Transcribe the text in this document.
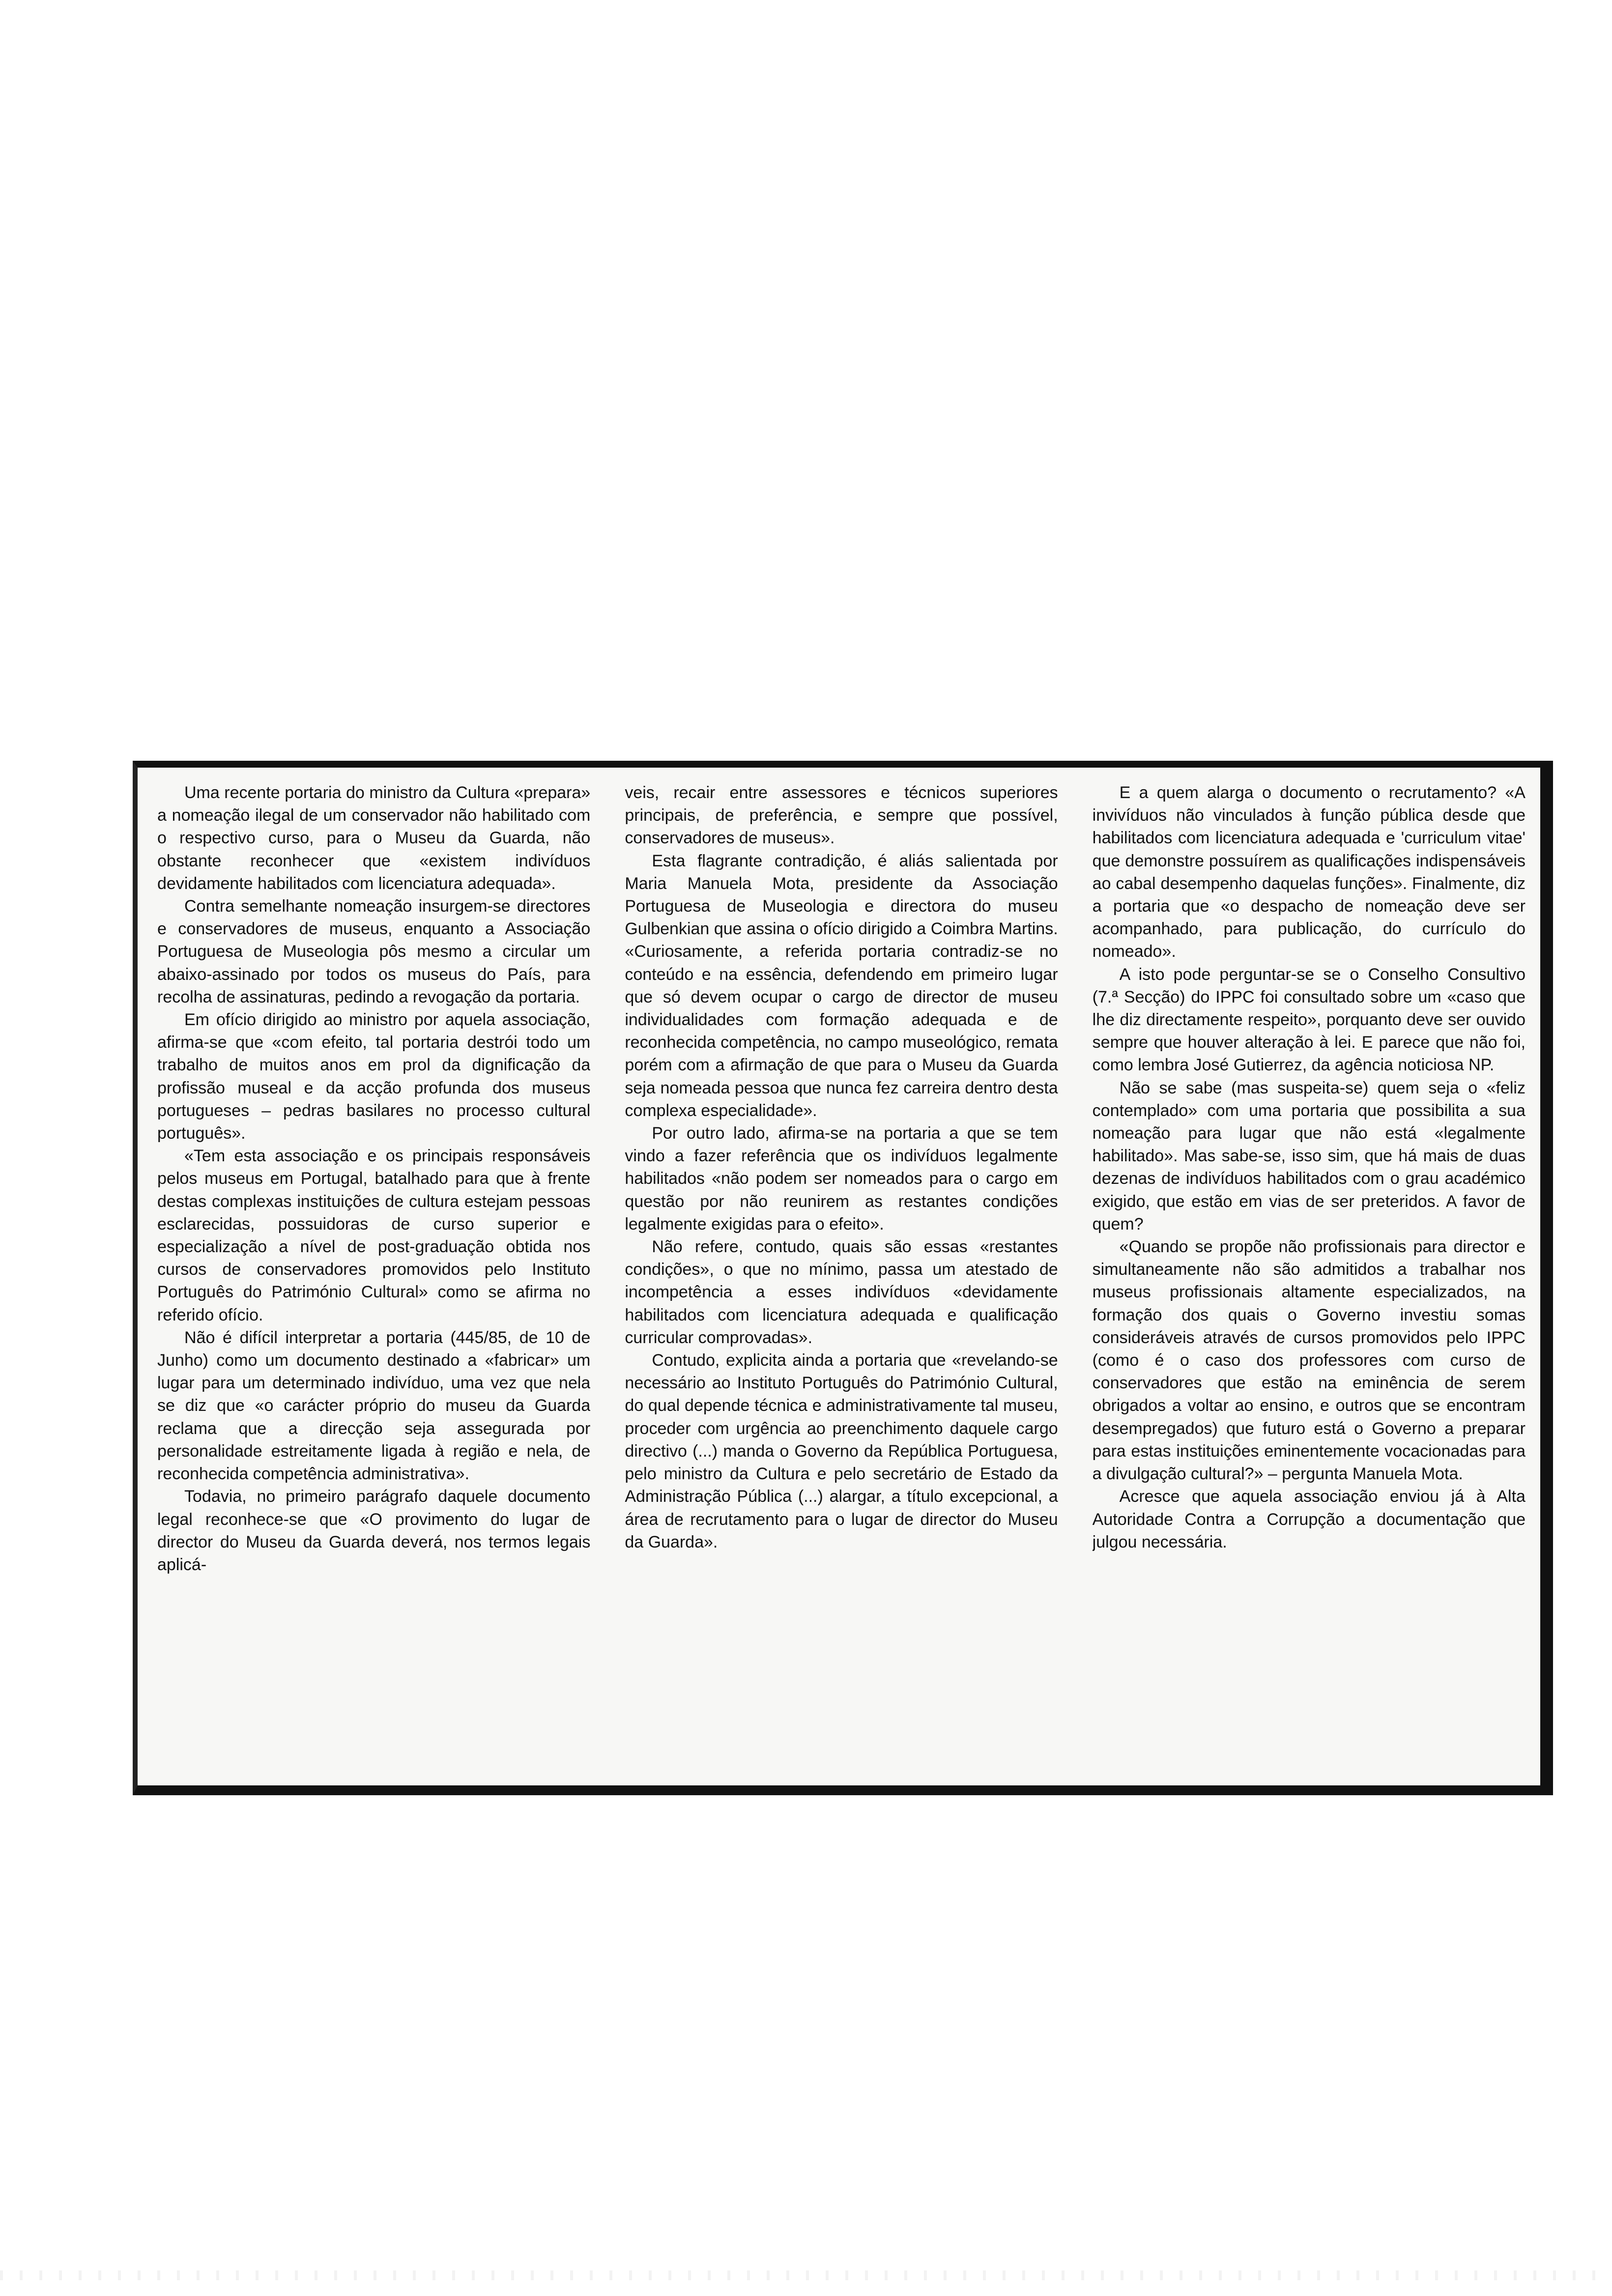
Uma recente portaria do ministro da Cultura «prepara» a nomeação ilegal de um conservador não habilitado com o respectivo curso, para o Museu da Guarda, não obstante reconhecer que «existem indivíduos devidamente habilitados com licenciatura adequada».

Contra semelhante nomeação insurgem-se directores e conservadores de museus, enquanto a Associação Portuguesa de Museologia pôs mesmo a circular um abaixo-assinado por todos os museus do País, para recolha de assinaturas, pedindo a revogação da portaria.

Em ofício dirigido ao ministro por aquela associação, afirma-se que «com efeito, tal portaria destrói todo um trabalho de muitos anos em prol da dignificação da profissão museal e da acção profunda dos museus portugueses – pedras basilares no processo cultural português».

«Tem esta associação e os principais responsáveis pelos museus em Portugal, batalhado para que à frente destas complexas instituições de cultura estejam pessoas esclarecidas, possuidoras de curso superior e especialização a nível de post-graduação obtida nos cursos de conservadores promovidos pelo Instituto Português do Património Cultural» como se afirma no referido ofício.

Não é difícil interpretar a portaria (445/85, de 10 de Junho) como um documento destinado a «fabricar» um lugar para um determinado indivíduo, uma vez que nela se diz que «o carácter próprio do museu da Guarda reclama que a direcção seja assegurada por personalidade estreitamente ligada à região e nela, de reconhecida competência administrativa».

Todavia, no primeiro parágrafo daquele documento legal reconhece-se que «O provimento do lugar de director do Museu da Guarda deverá, nos termos legais aplicá-

veis, recair entre assessores e técnicos superiores principais, de preferência, e sempre que possível, conservadores de museus».

Esta flagrante contradição, é aliás salientada por Maria Manuela Mota, presidente da Associação Portuguesa de Museologia e directora do museu Gulbenkian que assina o ofício dirigido a Coimbra Martins. «Curiosamente, a referida portaria contradiz-se no conteúdo e na essência, defendendo em primeiro lugar que só devem ocupar o cargo de director de museu individualidades com formação adequada e de reconhecida competência, no campo museológico, remata porém com a afirmação de que para o Museu da Guarda seja nomeada pessoa que nunca fez carreira dentro desta complexa especialidade».

Por outro lado, afirma-se na portaria a que se tem vindo a fazer referência que os indivíduos legalmente habilitados «não podem ser nomeados para o cargo em questão por não reunirem as restantes condições legalmente exigidas para o efeito».

Não refere, contudo, quais são essas «restantes condições», o que no mínimo, passa um atestado de incompetência a esses indivíduos «devidamente habilitados com licenciatura adequada e qualificação curricular comprovadas».

Contudo, explicita ainda a portaria que «revelando-se necessário ao Instituto Português do Património Cultural, do qual depende técnica e administrativamente tal museu, proceder com urgência ao preenchimento daquele cargo directivo (...) manda o Governo da República Portuguesa, pelo ministro da Cultura e pelo secretário de Estado da Administração Pública (...) alargar, a título excepcional, a área de recrutamento para o lugar de director do Museu da Guarda».

E a quem alarga o documento o recrutamento? «A invivíduos não vinculados à função pública desde que habilitados com licenciatura adequada e 'curriculum vitae' que demonstre possuírem as qualificações indispensáveis ao cabal desempenho daquelas funções». Finalmente, diz a portaria que «o despacho de nomeação deve ser acompanhado, para publicação, do currículo do nomeado».

A isto pode perguntar-se se o Conselho Consultivo (7.ª Secção) do IPPC foi consultado sobre um «caso que lhe diz directamente respeito», porquanto deve ser ouvido sempre que houver alteração à lei. E parece que não foi, como lembra José Gutierrez, da agência noticiosa NP.

Não se sabe (mas suspeita-se) quem seja o «feliz contemplado» com uma portaria que possibilita a sua nomeação para lugar que não está «legalmente habilitado». Mas sabe-se, isso sim, que há mais de duas dezenas de indivíduos habilitados com o grau académico exigido, que estão em vias de ser preteridos. A favor de quem?

«Quando se propõe não profissionais para director e simultaneamente não são admitidos a trabalhar nos museus profissionais altamente especializados, na formação dos quais o Governo investiu somas consideráveis através de cursos promovidos pelo IPPC (como é o caso dos professores com curso de conservadores que estão na eminência de serem obrigados a voltar ao ensino, e outros que se encontram desempregados) que futuro está o Governo a preparar para estas instituições eminentemente vocacionadas para a divulgação cultural?» – pergunta Manuela Mota.

Acresce que aquela associação enviou já à Alta Autoridade Contra a Corrupção a documentação que julgou necessária.
